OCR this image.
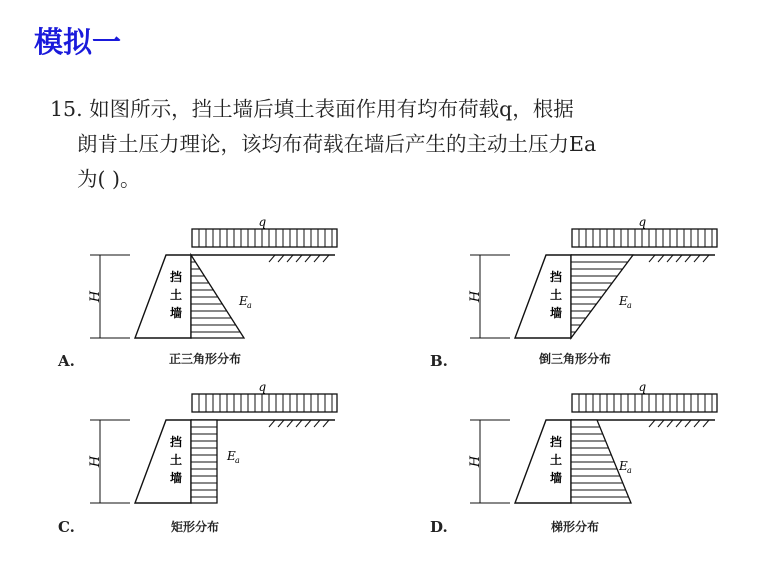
模拟一
15. 如图所示，挡土墙后填土表面作用有均布荷载q，根据
朗肯土压力理论，该均布荷载在墙后产生的主动土压力Ea
为( )。
H
挡
土
墙
q
E a
A.	正三角形分布
H
挡
土
墙
q
E a
B.	倒三角形分布
H
挡
土
墙
q
E a
C.	矩形分布
H
挡
土
墙
q
E a
D.	梯形分布
